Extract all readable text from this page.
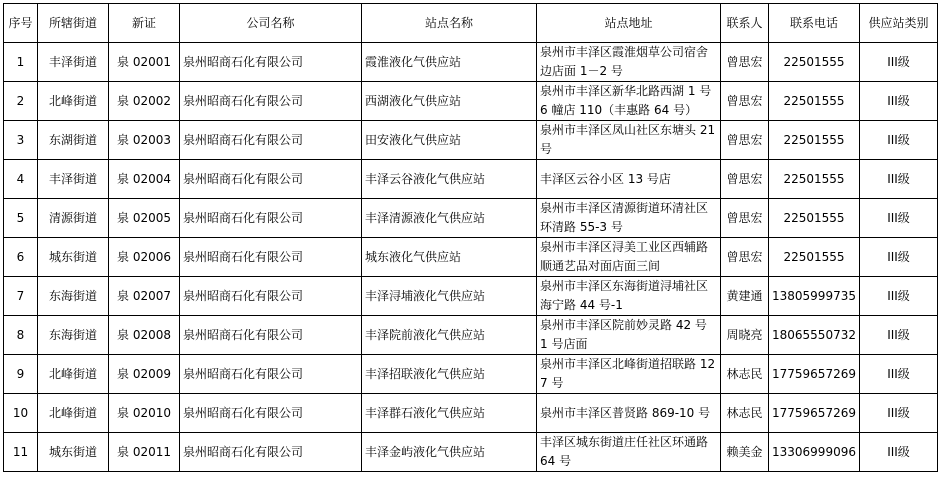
序号	所辖街道	新证	公司名称	站点名称	站点地址	联系人	联系电话	供应站类别
1	丰泽街道	泉 02001	泉州昭商石化有限公司	霞淮液化气供应站	泉州市丰泽区霞淮烟草公司宿舍边店面 1－2 号	曾思宏	22501555	III级
2	北峰街道	泉 02002	泉州昭商石化有限公司	西湖液化气供应站	泉州市丰泽区新华北路西湖 1 号 6 幢店 110（丰惠路 64 号）	曾思宏	22501555	III级
3	东湖街道	泉 02003	泉州昭商石化有限公司	田安液化气供应站	泉州市丰泽区凤山社区东塘头 21 号	曾思宏	22501555	III级
4	丰泽街道	泉 02004	泉州昭商石化有限公司	丰泽云谷液化气供应站	丰泽区云谷小区 13 号店	曾思宏	22501555	III级
5	清源街道	泉 02005	泉州昭商石化有限公司	丰泽清源液化气供应站	泉州市丰泽区清源街道环清社区环清路 55-3 号	曾思宏	22501555	III级
6	城东街道	泉 02006	泉州昭商石化有限公司	城东液化气供应站	泉州市丰泽区浔美工业区西辅路顺通艺品对面店面三间	曾思宏	22501555	III级
7	东海街道	泉 02007	泉州昭商石化有限公司	丰泽浔埔液化气供应站	泉州市丰泽区东海街道浔埔社区海宁路 44 号-1	黄建通	13805999735	III级
8	东海街道	泉 02008	泉州昭商石化有限公司	丰泽院前液化气供应站	泉州市丰泽区院前妙灵路 42 号 1 号店面	周晓亮	18065550732	III级
9	北峰街道	泉 02009	泉州昭商石化有限公司	丰泽招联液化气供应站	泉州市丰泽区北峰街道招联路 127 号	林志民	17759657269	III级
10	北峰街道	泉 02010	泉州昭商石化有限公司	丰泽群石液化气供应站	泉州市丰泽区普贤路 869-10 号	林志民	17759657269	III级
11	城东街道	泉 02011	泉州昭商石化有限公司	丰泽金屿液化气供应站	丰泽区城东街道庄任社区环通路 64 号	赖美金	13306999096	III级
